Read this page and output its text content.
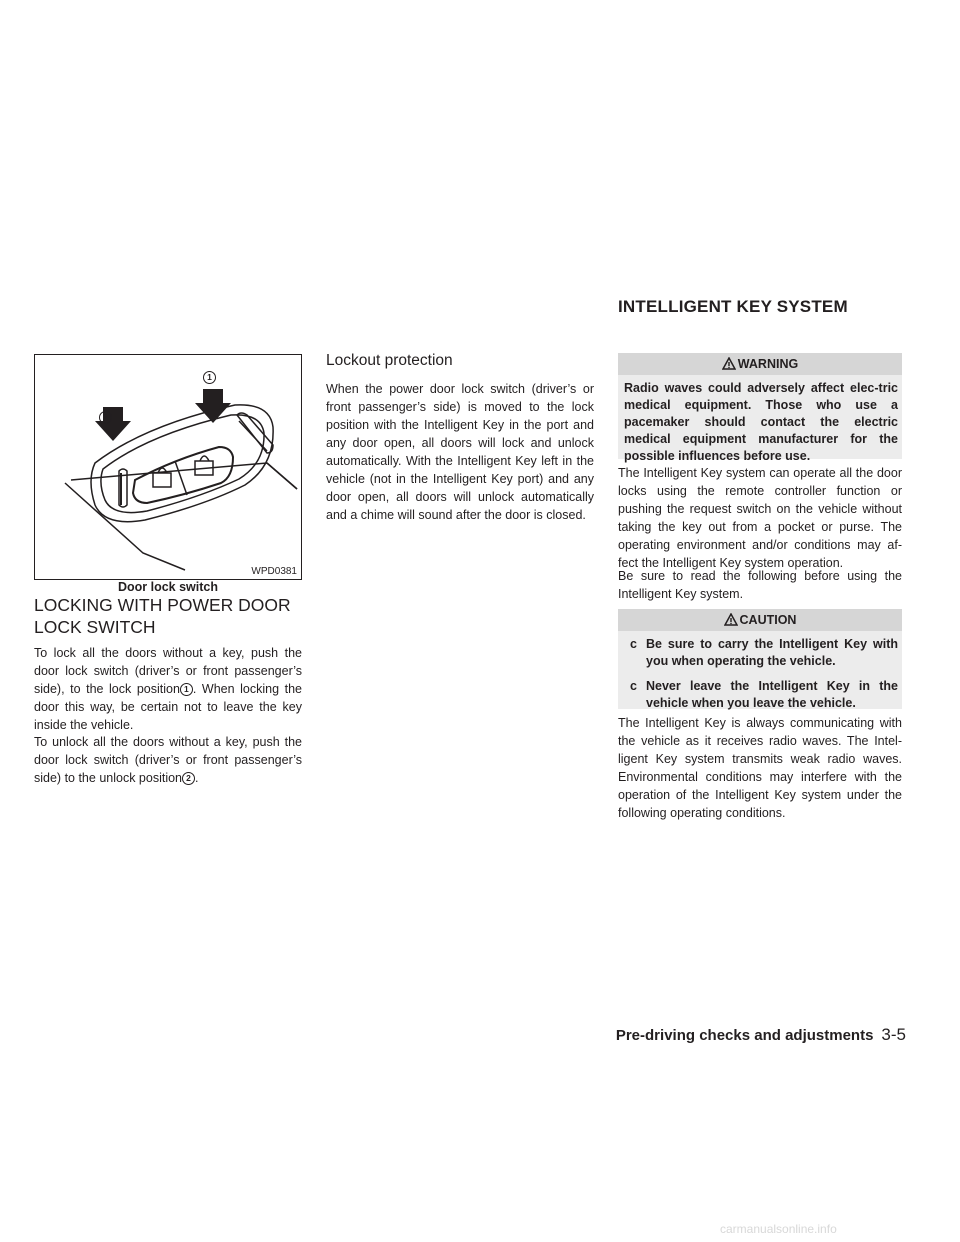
INTELLIGENT KEY SYSTEM
1
2
WPD0381
Door lock switch
LOCKING WITH POWER DOOR LOCK SWITCH
To lock all the doors without a key, push the door lock switch (driver’s or front passenger’s side), to the lock position 1 . When locking the door this way, be certain not to leave the key inside the vehicle.
To unlock all the doors without a key, push the door lock switch (driver’s or front passenger’s side) to the unlock position 2 .
Lockout protection
When the power door lock switch (driver’s or front passenger’s side) is moved to the lock position with the Intelligent Key in the port and any door open, all doors will lock and unlock automatically. With the Intelligent Key left in the vehicle (not in the Intelligent Key port) and any door open, all doors will unlock automatically and a chime will sound after the door is closed.
WARNING
Radio waves could adversely affect elec-tric medical equipment. Those who use a pacemaker should contact the electric medical equipment manufacturer for the possible influences before use.
The Intelligent Key system can operate all the door locks using the remote controller function or pushing the request switch on the vehicle without taking the key out from a pocket or purse. The operating environment and/or conditions may af-fect the Intelligent Key system operation.
Be sure to read the following before using the Intelligent Key system.
CAUTION
c Be sure to carry the Intelligent Key with you when operating the vehicle.
c Never leave the Intelligent Key in the vehicle when you leave the vehicle.
The Intelligent Key is always communicating with the vehicle as it receives radio waves. The Intel-ligent Key system transmits weak radio waves. Environmental conditions may interfere with the operation of the Intelligent Key system under the following operating conditions.
Pre-driving checks and adjustments 3-5
carmanualsonline.info
